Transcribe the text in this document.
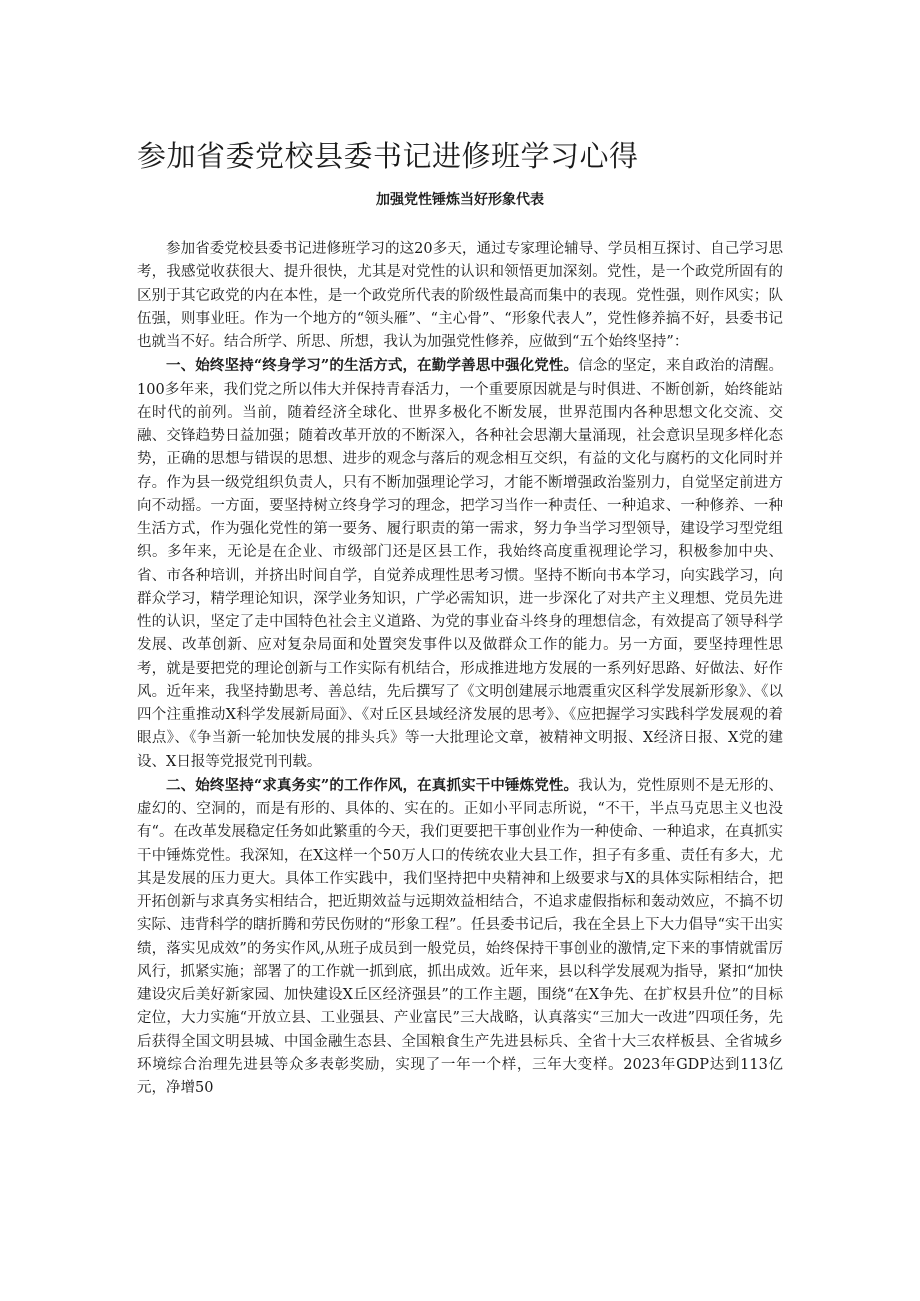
参加省委党校县委书记进修班学习心得
加强党性锤炼当好形象代表

参加省委党校县委书记进修班学习的这20多天，通过专家理论辅导、学员相互探讨、自己学习思考，我感觉收获很大、提升很快，尤其是对党性的认识和领悟更加深刻。党性，是一个政党所固有的区别于其它政党的内在本性，是一个政党所代表的阶级性最高而集中的表现。党性强，则作风实；队伍强，则事业旺。作为一个地方的“领头雁”、“主心骨”、“形象代表人”，党性修养搞不好，县委书记也就当不好。结合所学、所思、所想，我认为加强党性修养，应做到“五个始终坚持”：

一、始终坚持“终身学习”的生活方式，在勤学善思中强化党性。信念的坚定，来自政治的清醒。100多年来，我们党之所以伟大并保持青春活力，一个重要原因就是与时俱进、不断创新，始终能站在时代的前列。当前，随着经济全球化、世界多极化不断发展，世界范围内各种思想文化交流、交融、交锋趋势日益加强；随着改革开放的不断深入，各种社会思潮大量涌现，社会意识呈现多样化态势，正确的思想与错误的思想、进步的观念与落后的观念相互交织，有益的文化与腐朽的文化同时并存。作为县一级党组织负责人，只有不断加强理论学习，才能不断增强政治鉴别力，自觉坚定前进方向不动摇。一方面，要坚持树立终身学习的理念，把学习当作一种责任、一种追求、一种修养、一种生活方式，作为强化党性的第一要务、履行职责的第一需求，努力争当学习型领导，建设学习型党组织。多年来，无论是在企业、市级部门还是区县工作，我始终高度重视理论学习，积极参加中央、省、市各种培训，并挤出时间自学，自觉养成理性思考习惯。坚持不断向书本学习，向实践学习，向群众学习，精学理论知识，深学业务知识，广学必需知识，进一步深化了对共产主义理想、党员先进性的认识，坚定了走中国特色社会主义道路、为党的事业奋斗终身的理想信念，有效提高了领导科学发展、改革创新、应对复杂局面和处置突发事件以及做群众工作的能力。另一方面，要坚持理性思考，就是要把党的理论创新与工作实际有机结合，形成推进地方发展的一系列好思路、好做法、好作风。近年来，我坚持勤思考、善总结，先后撰写了《文明创建展示地震重灾区科学发展新形象》、《以四个注重推动X科学发展新局面》、《对丘区县域经济发展的思考》、《应把握学习实践科学发展观的着眼点》、《争当新一轮加快发展的排头兵》等一大批理论文章，被精神文明报、X经济日报、X党的建设、X日报等党报党刊刊载。

二、始终坚持“求真务实”的工作作风，在真抓实干中锤炼党性。我认为，党性原则不是无形的、虚幻的、空洞的，而是有形的、具体的、实在的。正如小平同志所说，“不干，半点马克思主义也没有“。在改革发展稳定任务如此繁重的今天，我们更要把干事创业作为一种使命、一种追求，在真抓实干中锤炼党性。我深知，在X这样一个50万人口的传统农业大县工作，担子有多重、责任有多大，尤其是发展的压力更大。具体工作实践中，我们坚持把中央精神和上级要求与X的具体实际相结合，把开拓创新与求真务实相结合，把近期效益与远期效益相结合，不追求虚假指标和轰动效应，不搞不切实际、违背科学的瞎折腾和劳民伤财的“形象工程”。任县委书记后，我在全县上下大力倡导“实干出实绩，落实见成效”的务实作风,从班子成员到一般党员，始终保持干事创业的激情,定下来的事情就雷厉风行，抓紧实施；部署了的工作就一抓到底，抓出成效。近年来，县以科学发展观为指导，紧扣“加快建设灾后美好新家园、加快建设X丘区经济强县”的工作主题，围绕“在X争先、在扩权县升位”的目标定位，大力实施“开放立县、工业强县、产业富民”三大战略，认真落实“三加大一改进”四项任务，先后获得全国文明县城、中国金融生态县、全国粮食生产先进县标兵、全省十大三农样板县、全省城乡环境综合治理先进县等众多表彰奖励，实现了一年一个样，三年大变样。2023年GDP达到113亿元，净增50
